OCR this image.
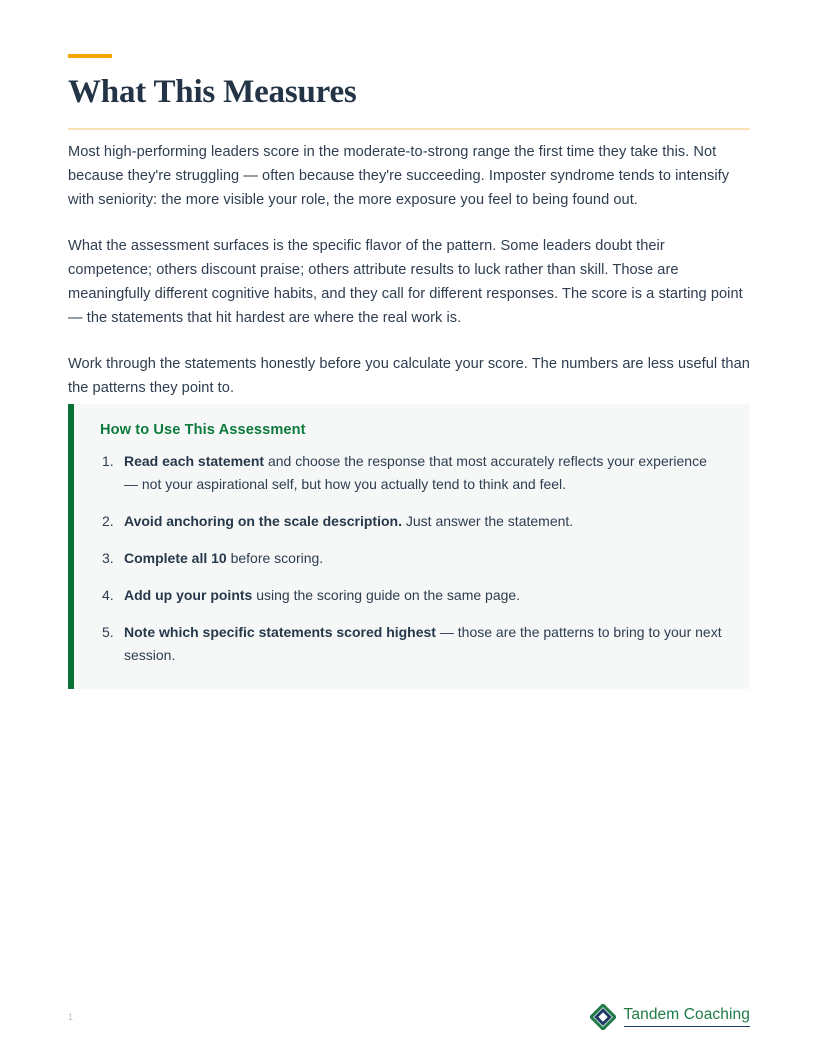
What This Measures

Most high-performing leaders score in the moderate-to-strong range the first time they take this. Not because they're struggling — often because they're succeeding. Imposter syndrome tends to intensify with seniority: the more visible your role, the more exposure you feel to being found out.

What the assessment surfaces is the specific flavor of the pattern. Some leaders doubt their competence; others discount praise; others attribute results to luck rather than skill. Those are meaningfully different cognitive habits, and they call for different responses. The score is a starting point — the statements that hit hardest are where the real work is.

Work through the statements honestly before you calculate your score. The numbers are less useful than the patterns they point to.

How to Use This Assessment
Read each statement and choose the response that most accurately reflects your experience — not your aspirational self, but how you actually tend to think and feel.
Avoid anchoring on the scale description. Just answer the statement.
Complete all 10 before scoring.
Add up your points using the scoring guide on the same page.
Note which specific statements scored highest — those are the patterns to bring to your next session.
1	Tandem Coaching
